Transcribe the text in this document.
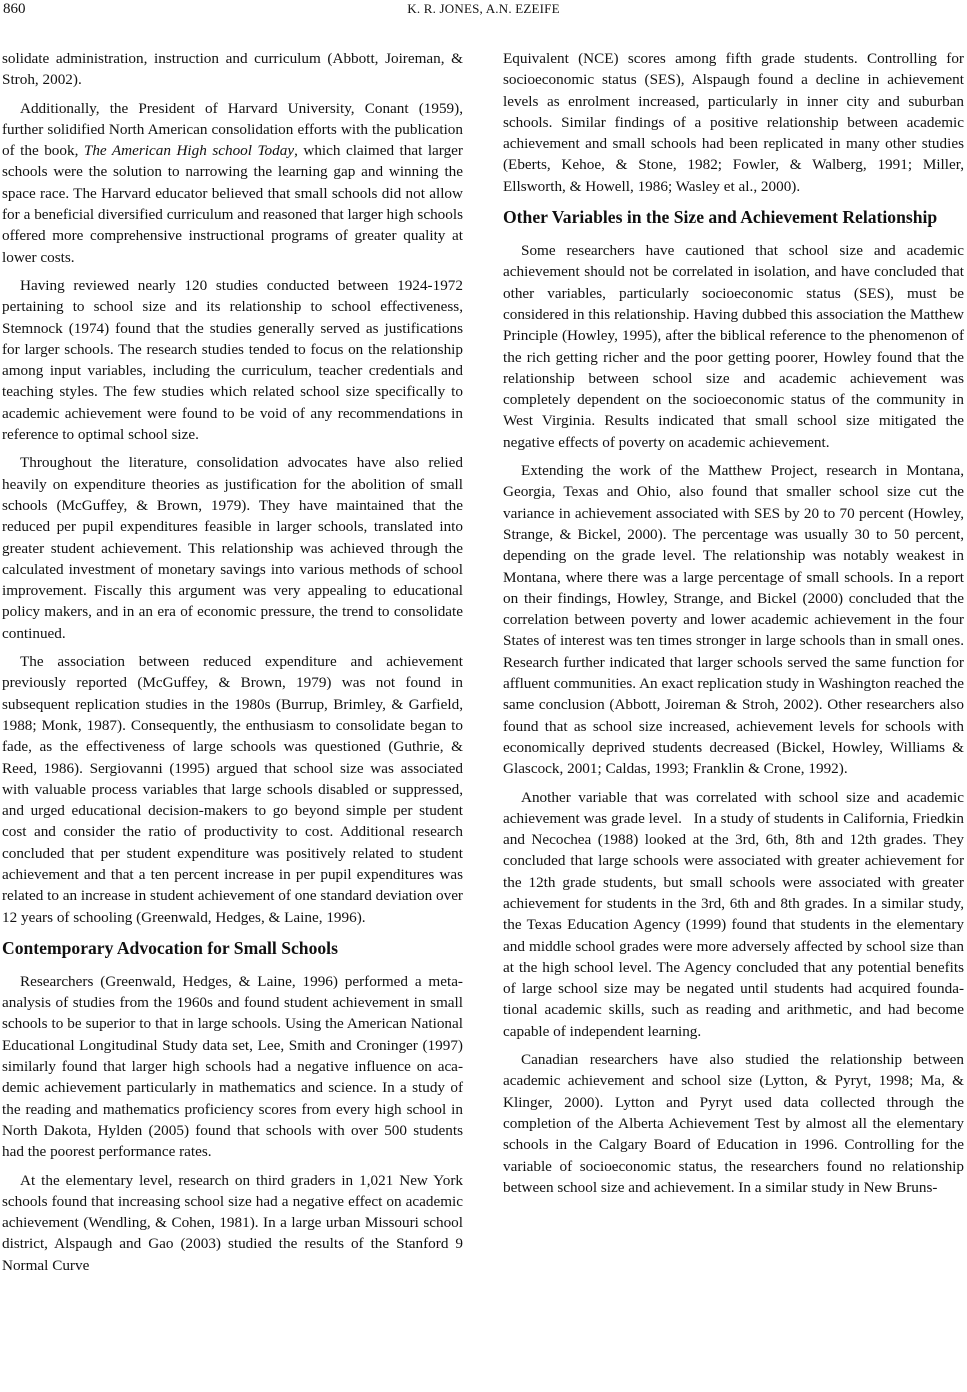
860	K. R. JONES, A.N. EZEIFE

solidate administration, instruction and curriculum (Abbott, Joireman, & Stroh, 2002).

Additionally, the President of Harvard University, Conant (1959), further solidified North American consolidation efforts with the publication of the book, The American High school Today, which claimed that larger schools were the solution to narrowing the learning gap and winning the space race. The Harvard educator believed that small schools did not allow for a beneficial diversified curriculum and reasoned that larger high schools offered more comprehensive instructional programs of greater quality at lower costs.

Having reviewed nearly 120 studies conducted between 1924-1972 pertaining to school size and its relationship to school effectiveness, Stemnock (1974) found that the studies generally served as justifications for larger schools. The research studies tended to focus on the relationship among input variables, including the curriculum, teacher credentials and teaching styles. The few studies which related school size specifically to academic achievement were found to be void of any recommendations in reference to optimal school size.

Throughout the literature, consolidation advocates have also relied heavily on expenditure theories as justification for the abolition of small schools (McGuffey, & Brown, 1979). They have maintained that the reduced per pupil expenditures feasible in larger schools, translated into greater student achievement. This relationship was achieved through the calculated investment of monetary savings into various methods of school improvement. Fiscally this argument was very appealing to educational policy makers, and in an era of economic pressure, the trend to consolidate continued.

The association between reduced expenditure and achievement previously reported (McGuffey, & Brown, 1979) was not found in subsequent replication studies in the 1980s (Burrup, Brimley, & Garfield, 1988; Monk, 1987). Consequently, the enthusiasm to consolidate began to fade, as the effectiveness of large schools was questioned (Guthrie, & Reed, 1986). Sergiovanni (1995) argued that school size was associated with valuable process variables that large schools disabled or suppressed, and urged educational decision-makers to go beyond simple per student cost and consider the ratio of productivity to cost. Additional research concluded that per student expenditure was positively related to student achievement and that a ten percent increase in per pupil expenditures was related to an increase in student achievement of one standard deviation over 12 years of schooling (Greenwald, Hedges, & Laine, 1996).

Contemporary Advocation for Small Schools

Researchers (Greenwald, Hedges, & Laine, 1996) performed a meta-analysis of studies from the 1960s and found student achievement in small schools to be superior to that in large schools. Using the American National Educational Longitudinal Study data set, Lee, Smith and Croninger (1997) similarly found that larger high schools had a negative influence on academic achievement particularly in mathematics and science. In a study of the reading and mathematics proficiency scores from every high school in North Dakota, Hylden (2005) found that schools with over 500 students had the poorest performance rates.

At the elementary level, research on third graders in 1,021 New York schools found that increasing school size had a negative effect on academic achievement (Wendling, & Cohen, 1981). In a large urban Missouri school district, Alspaugh and Gao (2003) studied the results of the Stanford 9 Normal Curve

Equivalent (NCE) scores among fifth grade students. Controlling for socioeconomic status (SES), Alspaugh found a decline in achievement levels as enrolment increased, particularly in inner city and suburban schools. Similar findings of a positive relationship between academic achievement and small schools had been replicated in many other studies (Eberts, Kehoe, & Stone, 1982; Fowler, & Walberg, 1991; Miller, Ellsworth, & Howell, 1986; Wasley et al., 2000).

Other Variables in the Size and Achievement Relationship

Some researchers have cautioned that school size and academic achievement should not be correlated in isolation, and have concluded that other variables, particularly socioeconomic status (SES), must be considered in this relationship. Having dubbed this association the Matthew Principle (Howley, 1995), after the biblical reference to the phenomenon of the rich getting richer and the poor getting poorer, Howley found that the relationship between school size and academic achievement was completely dependent on the socioeconomic status of the community in West Virginia. Results indicated that small school size mitigated the negative effects of poverty on academic achievement.

Extending the work of the Matthew Project, research in Montana, Georgia, Texas and Ohio, also found that smaller school size cut the variance in achievement associated with SES by 20 to 70 percent (Howley, Strange, & Bickel, 2000). The percentage was usually 30 to 50 percent, depending on the grade level. The relationship was notably weakest in Montana, where there was a large percentage of small schools. In a report on their findings, Howley, Strange, and Bickel (2000) concluded that the correlation between poverty and lower academic achievement in the four States of interest was ten times stronger in large schools than in small ones. Research further indicated that larger schools served the same function for affluent communities. An exact replication study in Washington reached the same conclusion (Abbott, Joireman & Stroh, 2002). Other researchers also found that as school size increased, achievement levels for schools with economically deprived students decreased (Bickel, Howley, Williams & Glascock, 2001; Caldas, 1993; Franklin & Crone, 1992).

Another variable that was correlated with school size and academic achievement was grade level.   In a study of students in California, Friedkin and Necochea (1988) looked at the 3rd, 6th, 8th and 12th grades. They concluded that large schools were associated with greater achievement for the 12th grade students, but small schools were associated with greater achievement for students in the 3rd, 6th and 8th grades. In a similar study, the Texas Education Agency (1999) found that students in the elementary and middle school grades were more adversely affected by school size than at the high school level. The Agency concluded that any potential benefits of large school size may be negated until students had acquired foundational academic skills, such as reading and arithmetic, and had become capable of independent learning.

Canadian researchers have also studied the relationship between academic achievement and school size (Lytton, & Pyryt, 1998; Ma, & Klinger, 2000). Lytton and Pyryt used data collected through the completion of the Alberta Achievement Test by almost all the elementary schools in the Calgary Board of Education in 1996. Controlling for the variable of socioeconomic status, the researchers found no relationship between school size and achievement. In a similar study in New Bruns-
